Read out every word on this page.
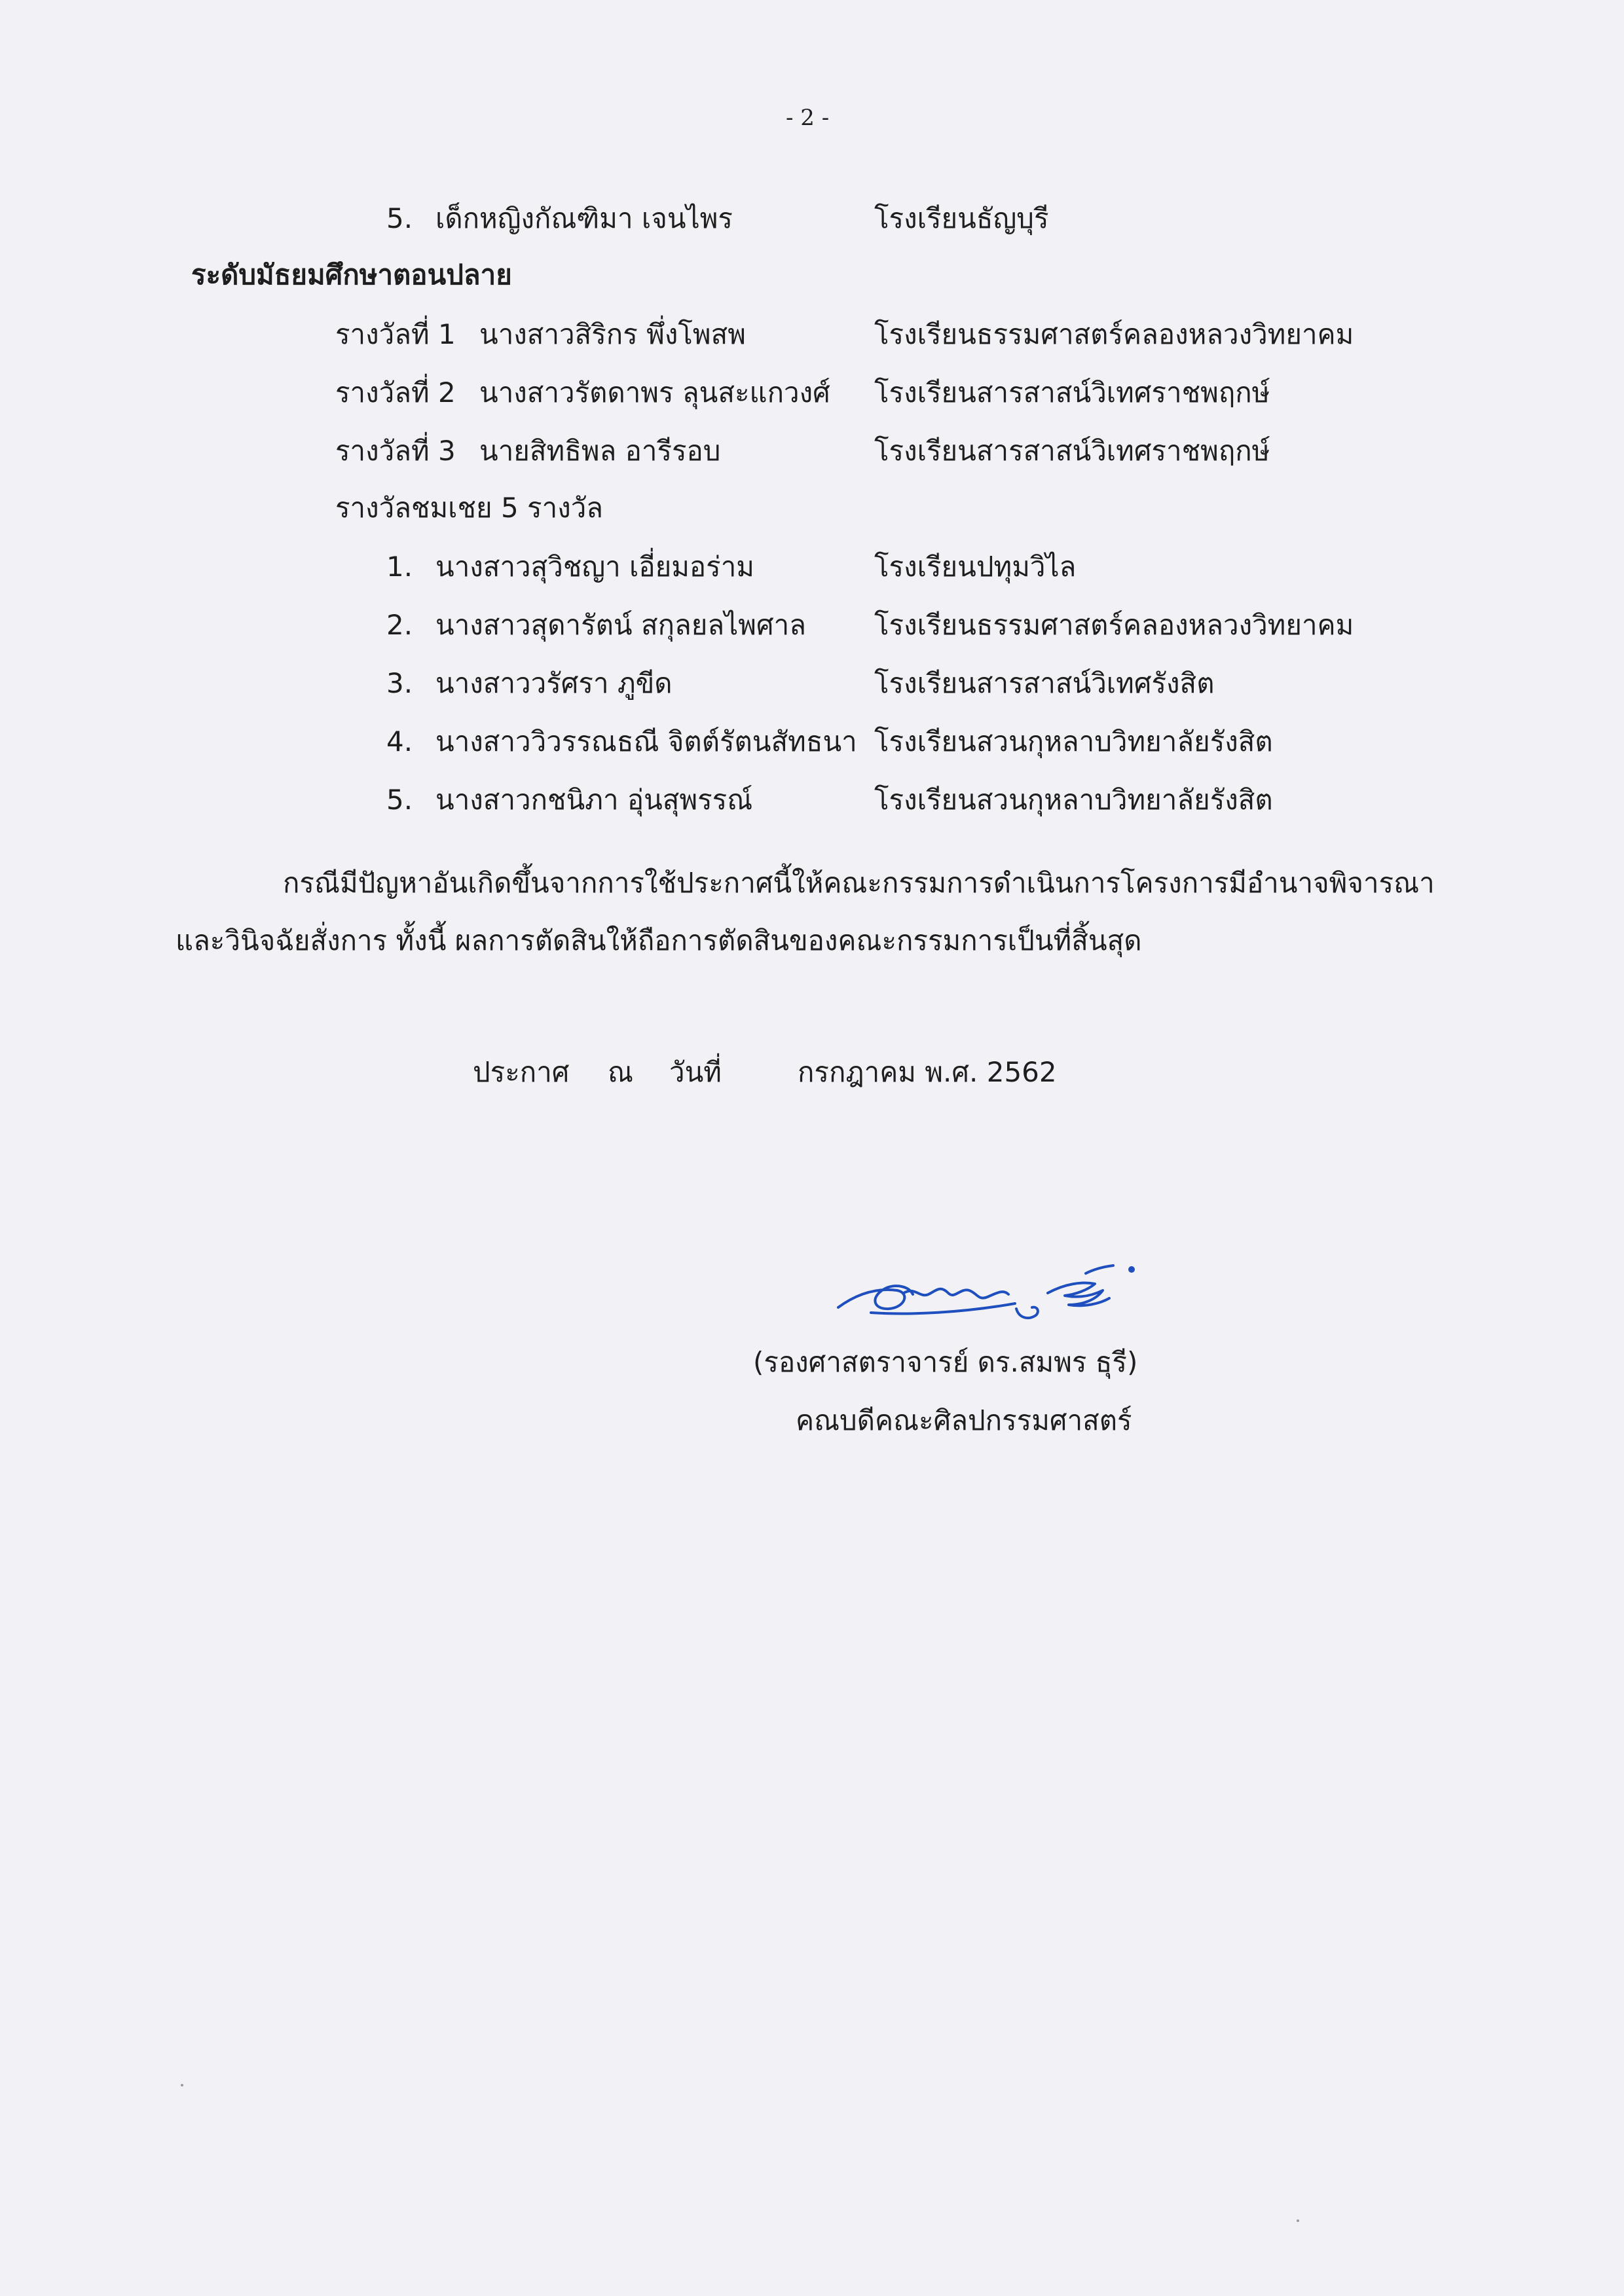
- 2 -
5. เด็กหญิงกัณฑิมา เจนไพร	โรงเรียนธัญบุรี
ระดับมัธยมศึกษาตอนปลาย
รางวัลที่ 1 นางสาวสิริกร พึ่งโพสพ	โรงเรียนธรรมศาสตร์คลองหลวงวิทยาคม
รางวัลที่ 2 นางสาวรัตดาพร ลุนสะแกวงศ์ โรงเรียนสารสาสน์วิเทศราชพฤกษ์
รางวัลที่ 3 นายสิทธิพล อารีรอบ	โรงเรียนสารสาสน์วิเทศราชพฤกษ์
รางวัลชมเชย 5 รางวัล
1. นางสาวสุวิชญา เอี่ยมอร่าม	โรงเรียนปทุมวิไล
2. นางสาวสุดารัตน์ สกุลยลไพศาล โรงเรียนธรรมศาสตร์คลองหลวงวิทยาคม
3. นางสาววรัศรา ภูขีด	โรงเรียนสารสาสน์วิเทศรังสิต
4. นางสาววิวรรณธณี จิตต์รัตนสัทธนา โรงเรียนสวนกุหลาบวิทยาลัยรังสิต
5. นางสาวกชนิภา อุ่นสุพรรณ์	โรงเรียนสวนกุหลาบวิทยาลัยรังสิต
กรณีมีปัญหาอันเกิดขึ้นจากการใช้ประกาศนี้ให้คณะกรรมการดำเนินการโครงการมีอำนาจพิจารณา
และวินิจฉัยสั่งการ ทั้งนี้ ผลการตัดสินให้ถือการตัดสินของคณะกรรมการเป็นที่สิ้นสุด
ประกาศ ณ วันที่	กรกฎาคม พ.ศ. 2562
(รองศาสตราจารย์ ดร.สมพร ธุรี)
คณบดีคณะศิลปกรรมศาสตร์
